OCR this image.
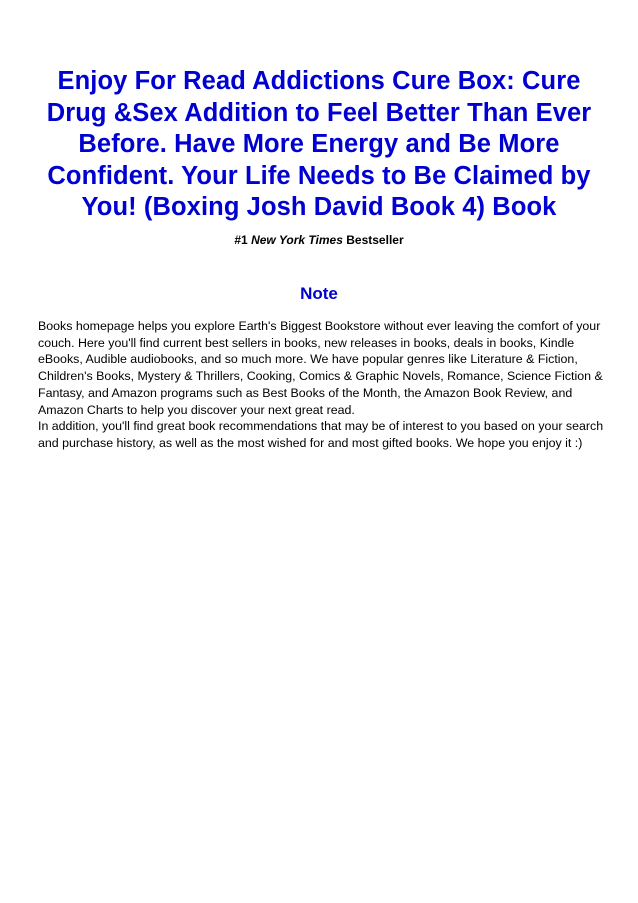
Enjoy For Read Addictions Cure Box: Cure Drug &Sex Addition to Feel Better Than Ever Before. Have More Energy and Be More Confident. Your Life Needs to Be Claimed by You! (Boxing Josh David Book 4) Book
#1 New York Times Bestseller
Note

Books homepage helps you explore Earth's Biggest Bookstore without ever leaving the comfort of your couch. Here you'll find current best sellers in books, new releases in books, deals in books, Kindle eBooks, Audible audiobooks, and so much more. We have popular genres like Literature & Fiction, Children's Books, Mystery & Thrillers, Cooking, Comics & Graphic Novels, Romance, Science Fiction & Fantasy, and Amazon programs such as Best Books of the Month, the Amazon Book Review, and Amazon Charts to help you discover your next great read.

In addition, you'll find great book recommendations that may be of interest to you based on your search and purchase history, as well as the most wished for and most gifted books. We hope you enjoy it :)
